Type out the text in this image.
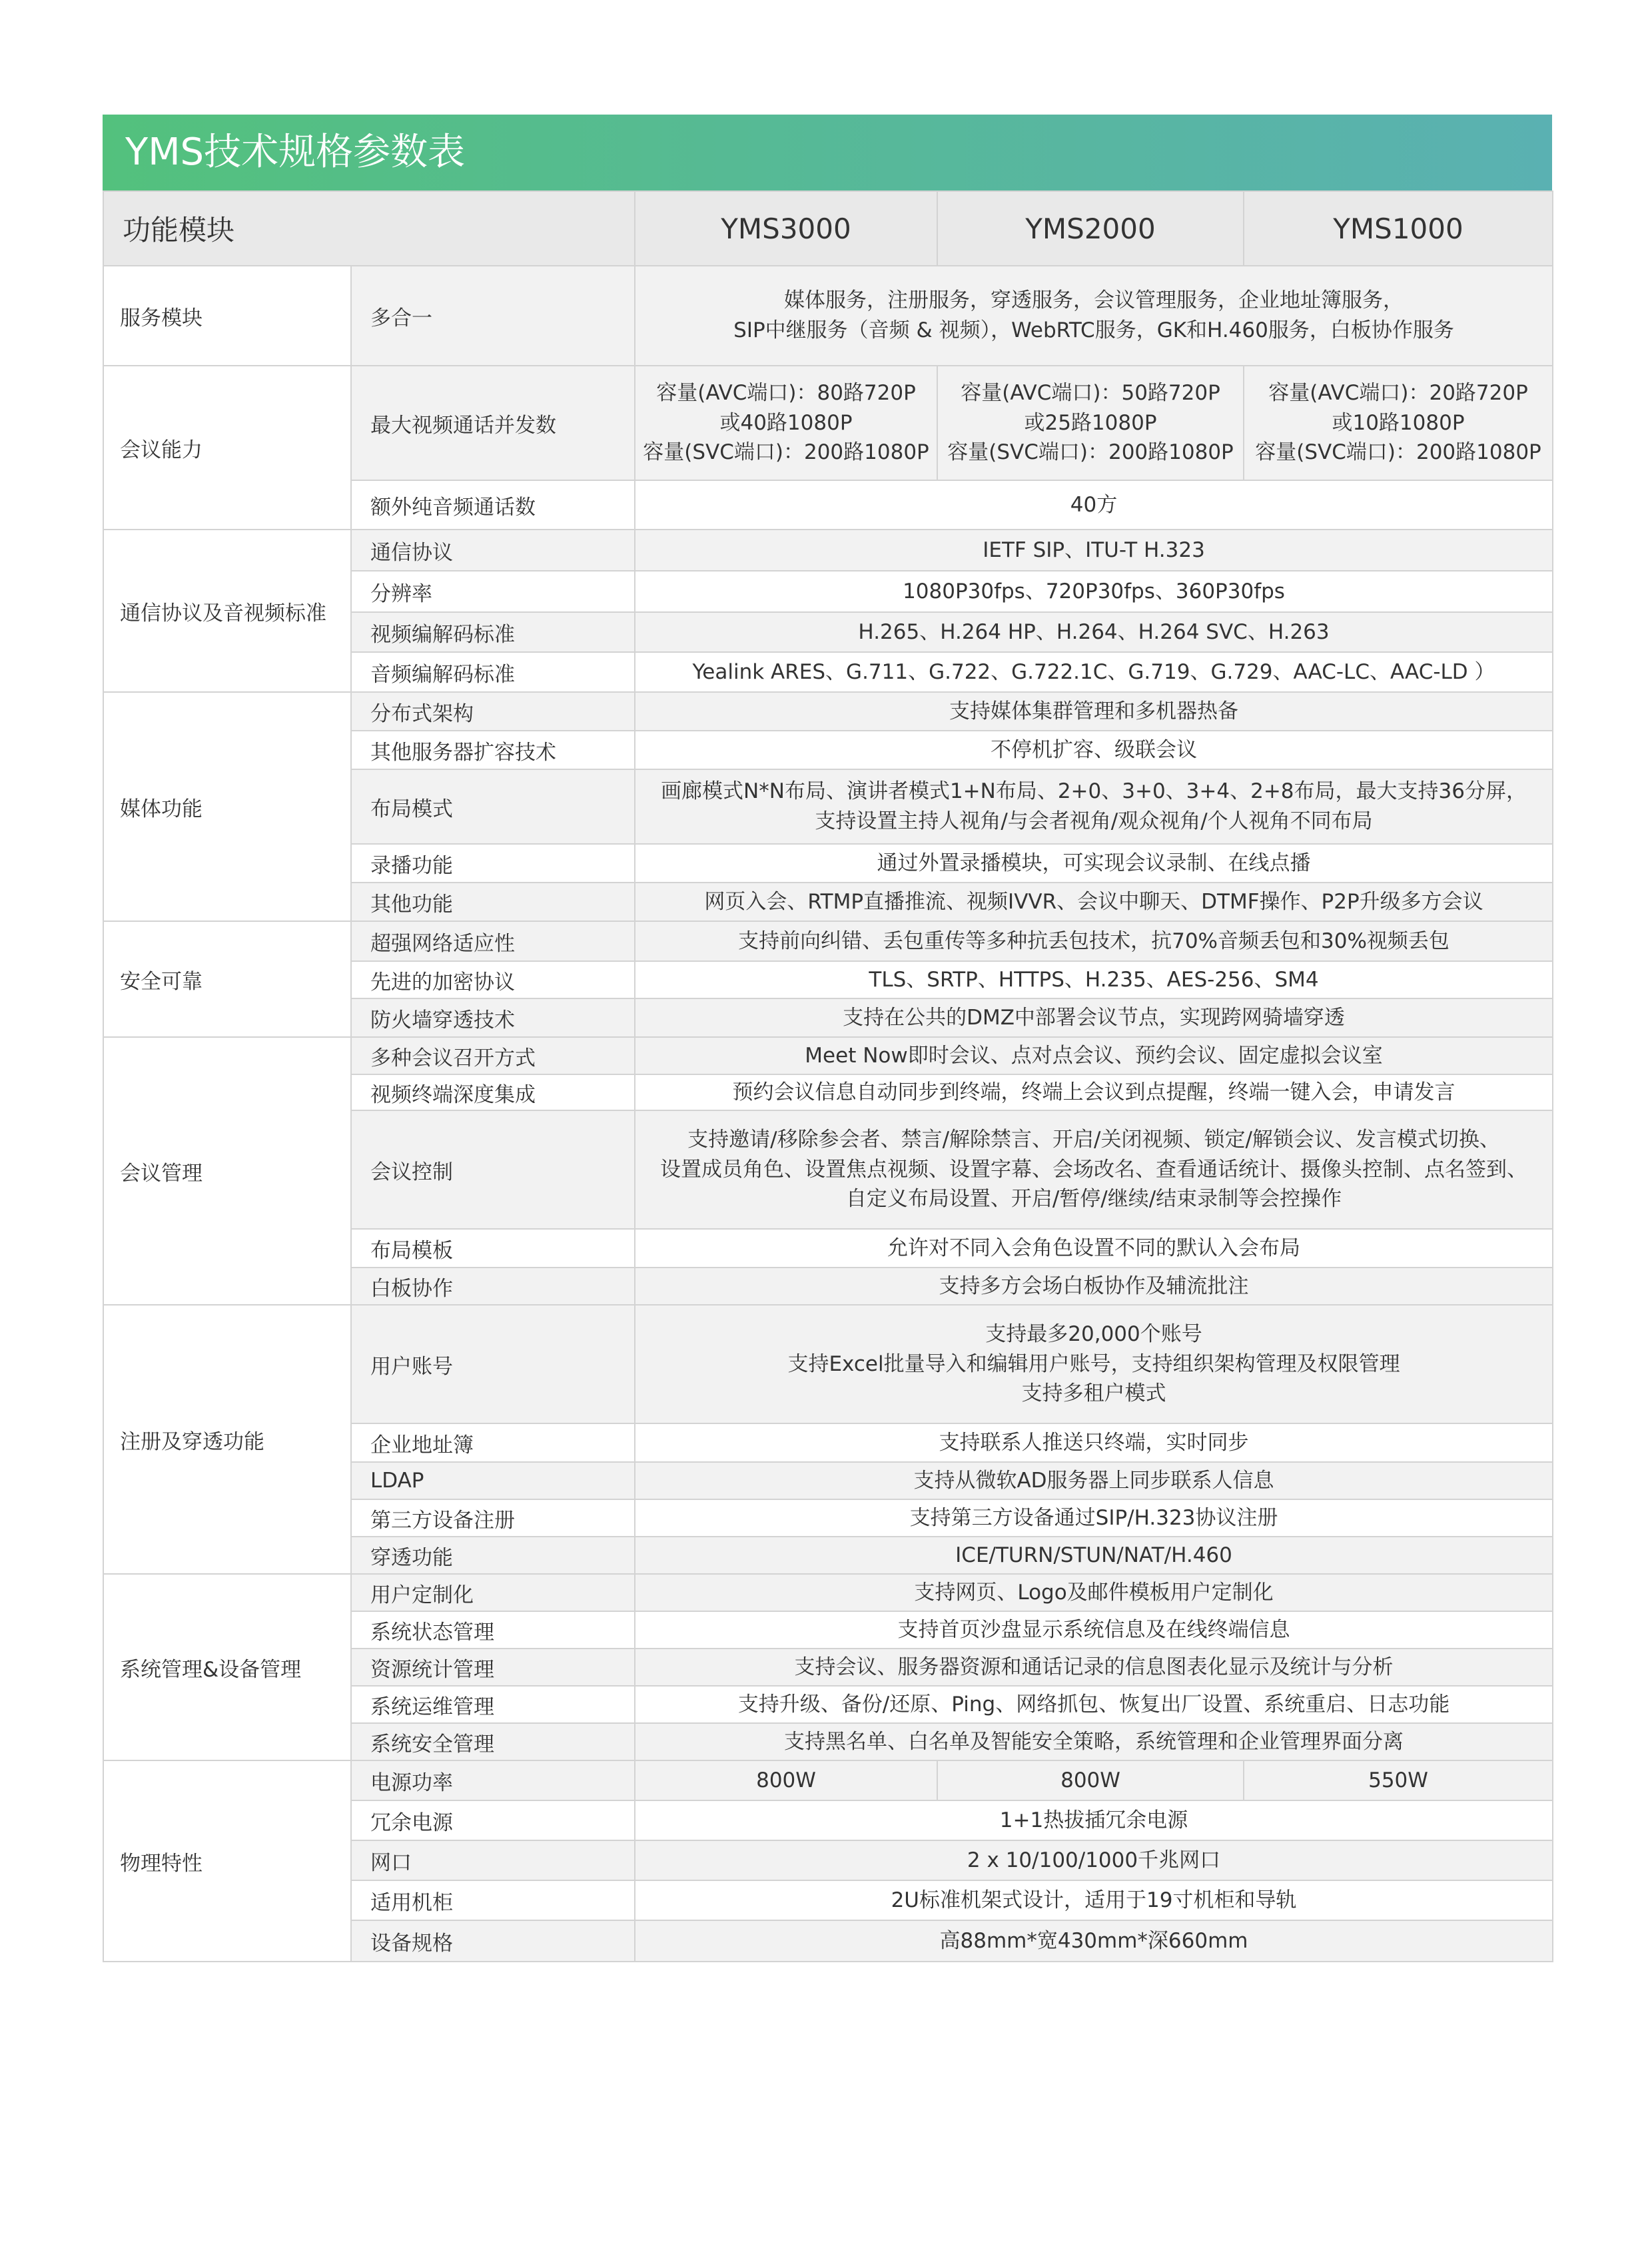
YMS技术规格参数表
功能模块		YMS3000	YMS2000	YMS1000
服务模块	多合一	媒体服务，注册服务，穿透服务，会议管理服务，企业地址簿服务，
SIP中继服务（音频 & 视频），WebRTC服务，GK和H.460服务，白板协作服务		

会议能力	最大视频通话并发数	容量(AVC端口)：80路720P
或40路1080P
容量(SVC端口)：200路1080P	容量(AVC端口)：50路720P
或25路1080P
容量(SVC端口)：200路1080P	容量(AVC端口)：20路720P
或10路1080P
容量(SVC端口)：200路1080P

	额外纯音频通话数	40方		

通信协议及音视频标准	通信协议	IETF SIP、ITU-T H.323		

	分辨率	1080P30fps、720P30fps、360P30fps		

	视频编解码标准	H.265、H.264 HP、H.264、H.264 SVC、H.263		

	音频编解码标准	Yealink ARES、G.711、G.722、G.722.1C、G.719、G.729、AAC-LC、AAC-LD ）		

媒体功能	分布式架构	支持媒体集群管理和多机器热备		

	其他服务器扩容技术	不停机扩容、级联会议		

	布局模式	画廊模式N*N布局、演讲者模式1+N布局、2+0、3+0、3+4、2+8布局，最大支持36分屏，
支持设置主持人视角/与会者视角/观众视角/个人视角不同布局		

	录播功能	通过外置录播模块，可实现会议录制、在线点播		

	其他功能	网页入会、RTMP直播推流、视频IVVR、会议中聊天、DTMF操作、P2P升级多方会议		

安全可靠	超强网络适应性	支持前向纠错、丢包重传等多种抗丢包技术，抗70%音频丢包和30%视频丢包		

	先进的加密协议	TLS、SRTP、HTTPS、H.235、AES-256、SM4		

	防火墙穿透技术	支持在公共的DMZ中部署会议节点，实现跨网骑墙穿透		

会议管理	多种会议召开方式	Meet Now即时会议、点对点会议、预约会议、固定虚拟会议室		

	视频终端深度集成	预约会议信息自动同步到终端，终端上会议到点提醒，终端一键入会，申请发言		

	会议控制	支持邀请/移除参会者、禁言/解除禁言、开启/关闭视频、锁定/解锁会议、发言模式切换、
设置成员角色、设置焦点视频、设置字幕、会场改名、查看通话统计、摄像头控制、点名签到、
自定义布局设置、开启/暂停/继续/结束录制等会控操作		

	布局模板	允许对不同入会角色设置不同的默认入会布局		

	白板协作	支持多方会场白板协作及辅流批注		

注册及穿透功能	用户账号	支持最多20,000个账号
支持Excel批量导入和编辑用户账号，支持组织架构管理及权限管理
支持多租户模式		

	企业地址簿	支持联系人推送只终端，实时同步		

	LDAP	支持从微软AD服务器上同步联系人信息		

	第三方设备注册	支持第三方设备通过SIP/H.323协议注册		

	穿透功能	ICE/TURN/STUN/NAT/H.460		

系统管理&设备管理	用户定制化	支持网页、Logo及邮件模板用户定制化		

	系统状态管理	支持首页沙盘显示系统信息及在线终端信息		

	资源统计管理	支持会议、服务器资源和通话记录的信息图表化显示及统计与分析		

	系统运维管理	支持升级、备份/还原、Ping、网络抓包、恢复出厂设置、系统重启、日志功能		

	系统安全管理	支持黑名单、白名单及智能安全策略，系统管理和企业管理界面分离		

物理特性	电源功率	800W	800W	550W

	冗余电源	1+1热拔插冗余电源		

	网口	2 x 10/100/1000千兆网口		

	适用机柜	2U标准机架式设计，适用于19寸机柜和导轨		

	设备规格	高88mm*宽430mm*深660mm		
